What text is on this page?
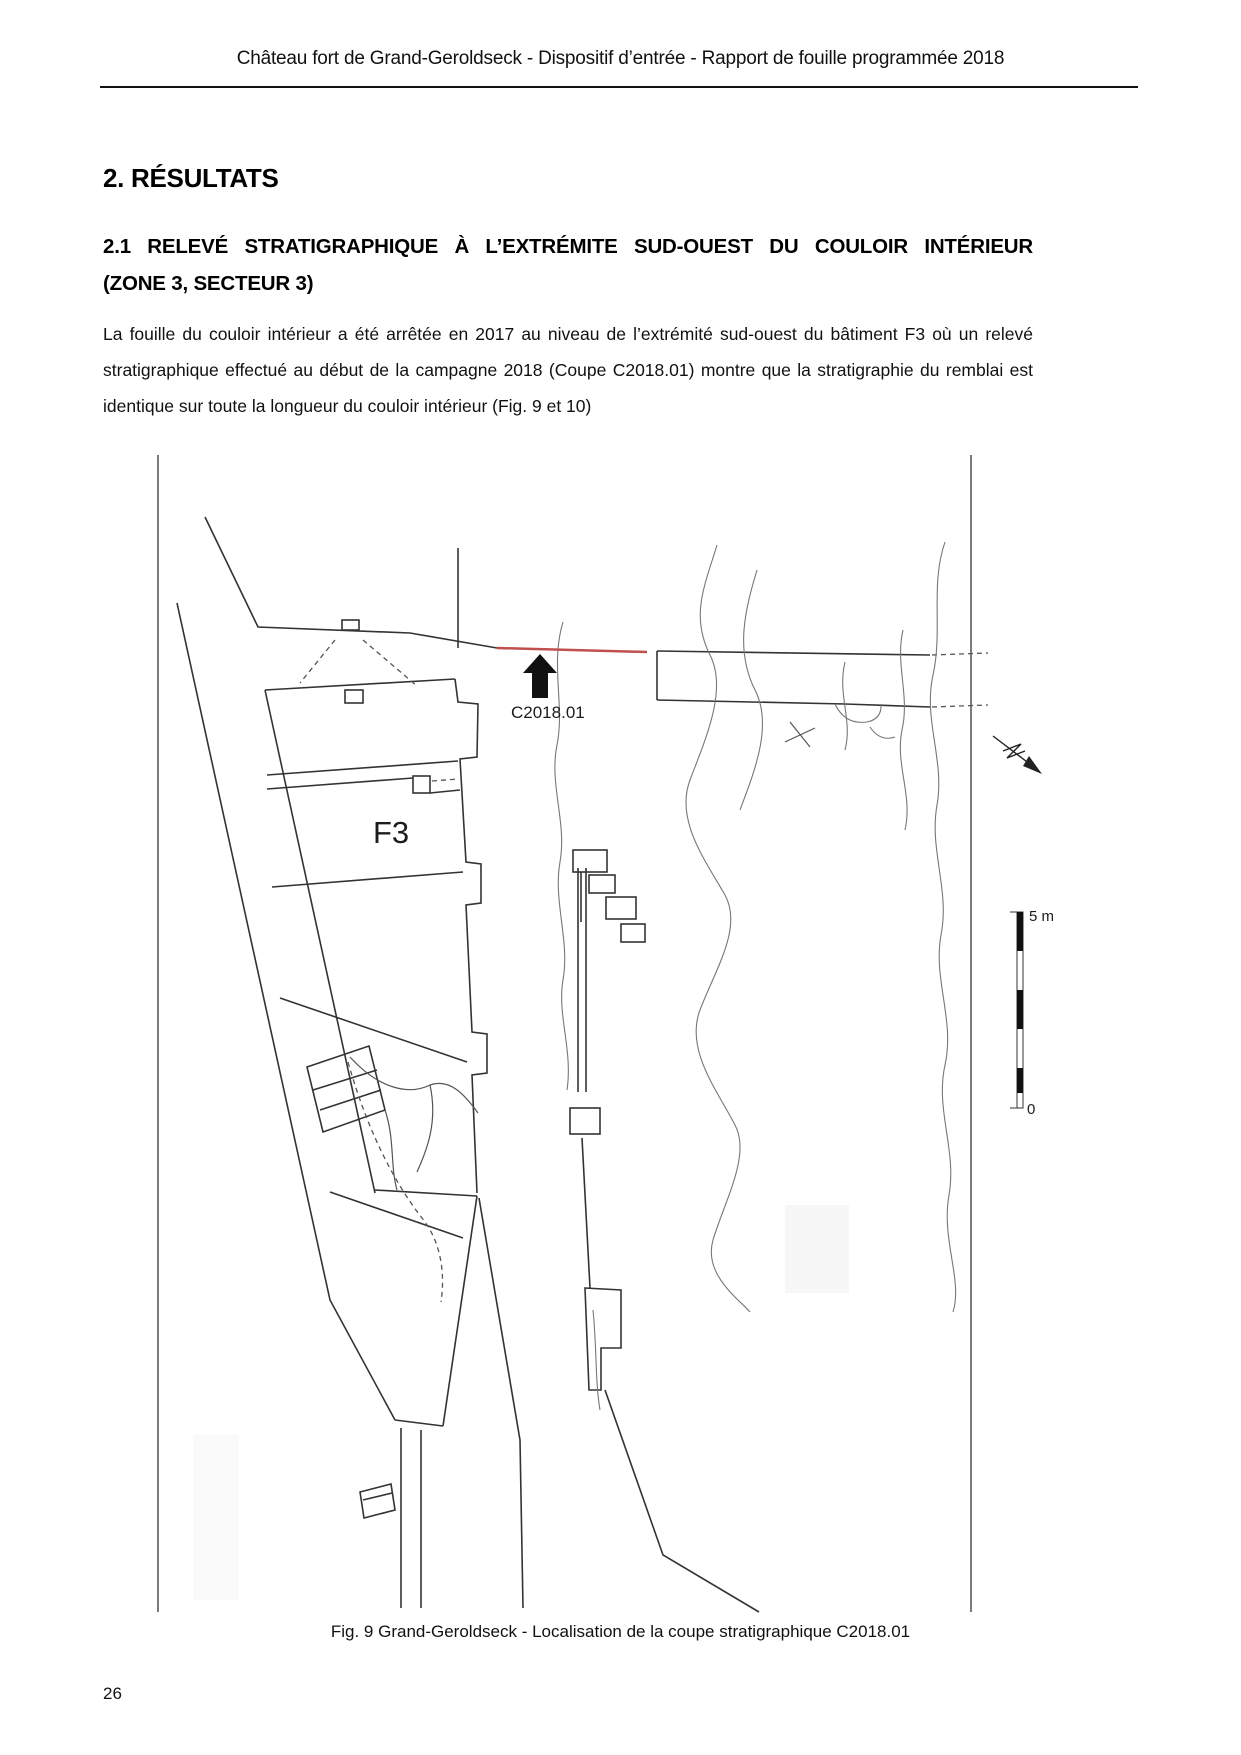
Château fort de Grand-Geroldseck - Dispositif d’entrée - Rapport de fouille programmée 2018
2. RÉSULTATS
2.1 RELEVÉ STRATIGRAPHIQUE À L’EXTRÉMITE SUD-OUEST DU COULOIR INTÉRIEUR
(ZONE 3, SECTEUR 3)
La fouille du couloir intérieur a été arrêtée en 2017 au niveau de l’extrémité sud-ouest du bâtiment F3 où un relevé stratigraphique effectué au début de la campagne 2018 (Coupe C2018.01) montre que la stratigraphie du remblai est identique sur toute la longueur du couloir intérieur (Fig. 9 et 10)
C2018.01
F3
5 m
0
Fig. 9 Grand-Geroldseck - Localisation de la coupe stratigraphique C2018.01
26
